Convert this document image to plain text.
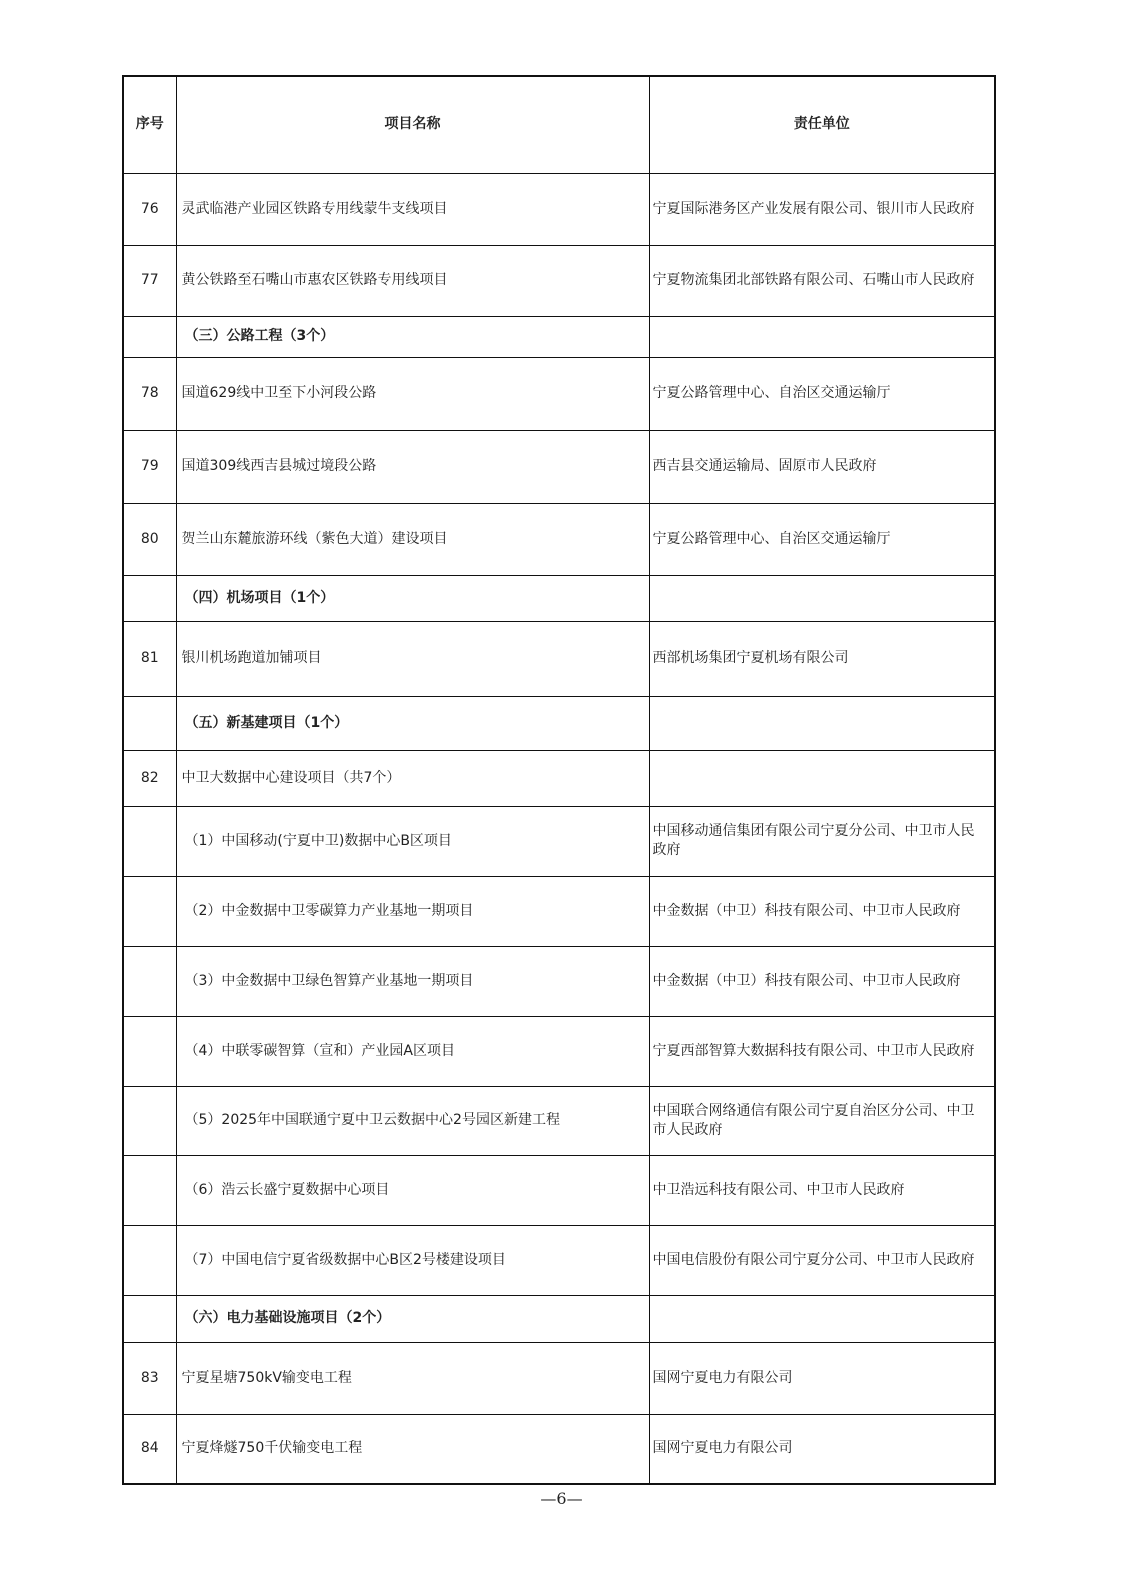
序号	项目名称	责任单位
76	灵武临港产业园区铁路专用线蒙牛支线项目	宁夏国际港务区产业发展有限公司、银川市人民政府
77	黄公铁路至石嘴山市惠农区铁路专用线项目	宁夏物流集团北部铁路有限公司、石嘴山市人民政府
	（三）公路工程（3个）	
78	国道629线中卫至下小河段公路	宁夏公路管理中心、自治区交通运输厅
79	国道309线西吉县城过境段公路	西吉县交通运输局、固原市人民政府
80	贺兰山东麓旅游环线（紫色大道）建设项目	宁夏公路管理中心、自治区交通运输厅
	（四）机场项目（1个）	
81	银川机场跑道加铺项目	西部机场集团宁夏机场有限公司
	（五）新基建项目（1个）	
82	中卫大数据中心建设项目（共7个）	
	（1）中国移动(宁夏中卫)数据中心B区项目	中国移动通信集团有限公司宁夏分公司、中卫市人民政府
	（2）中金数据中卫零碳算力产业基地一期项目	中金数据（中卫）科技有限公司、中卫市人民政府
	（3）中金数据中卫绿色智算产业基地一期项目	中金数据（中卫）科技有限公司、中卫市人民政府
	（4）中联零碳智算（宣和）产业园A区项目	宁夏西部智算大数据科技有限公司、中卫市人民政府
	（5）2025年中国联通宁夏中卫云数据中心2号园区新建工程	中国联合网络通信有限公司宁夏自治区分公司、中卫市人民政府
	（6）浩云长盛宁夏数据中心项目	中卫浩远科技有限公司、中卫市人民政府
	（7）中国电信宁夏省级数据中心B区2号楼建设项目	中国电信股份有限公司宁夏分公司、中卫市人民政府
	（六）电力基础设施项目（2个）	
83	宁夏星塘750kV输变电工程	国网宁夏电力有限公司
84	宁夏烽燧750千伏输变电工程	国网宁夏电力有限公司
—6—
